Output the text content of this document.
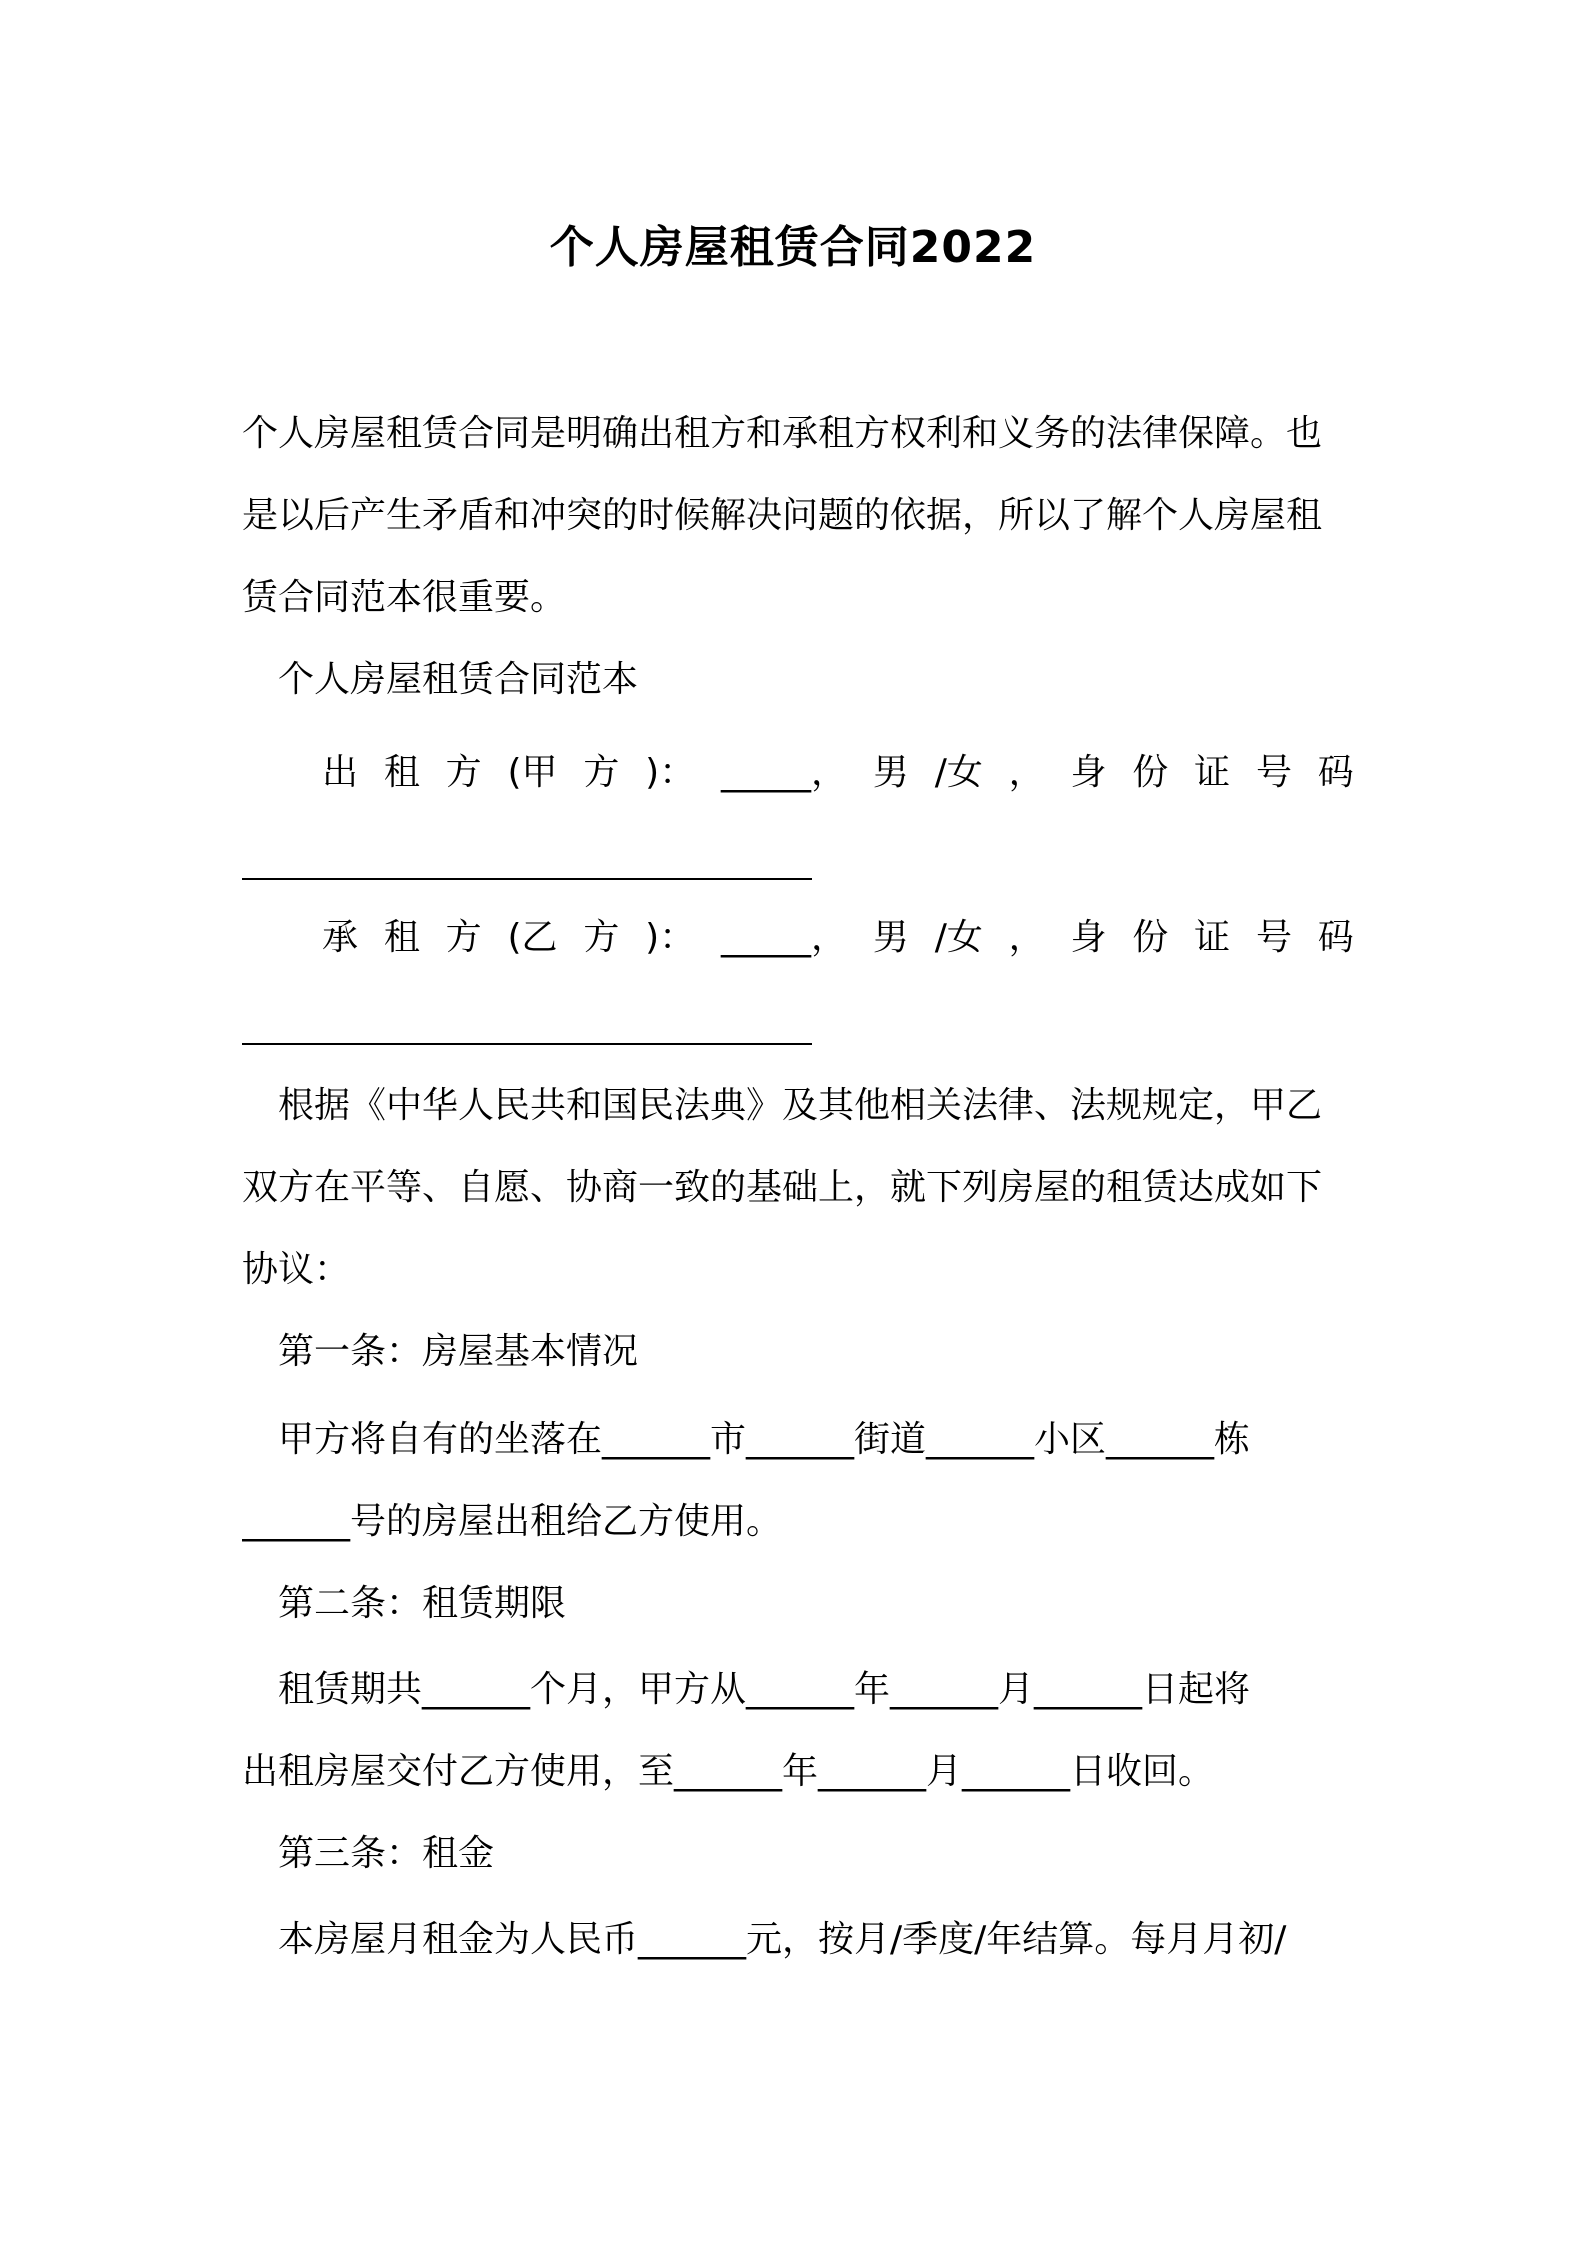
个人房屋租赁合同2022
个人房屋租赁合同是明确出租方和承租方权利和义务的法律保障。也
是以后产生矛盾和冲突的时候解决问题的依据，所以了解个人房屋租
赁合同范本很重要。
个人房屋租赁合同范本
出 租 方 (甲 方 )： _____， 男 /女 ， 身 份 证 号 码
承 租 方 (乙 方 )： _____， 男 /女 ， 身 份 证 号 码
根据《中华人民共和国民法典》及其他相关法律、法规规定，甲乙
双方在平等、自愿、协商一致的基础上，就下列房屋的租赁达成如下
协议：
第一条：房屋基本情况
甲方将自有的坐落在______市______街道______小区______栋
______号的房屋出租给乙方使用。
第二条：租赁期限
租赁期共______个月，甲方从______年______月______日起将
出租房屋交付乙方使用，至______年______月______日收回。
第三条：租金
本房屋月租金为人民币______元，按月/季度/年结算。每月月初/
